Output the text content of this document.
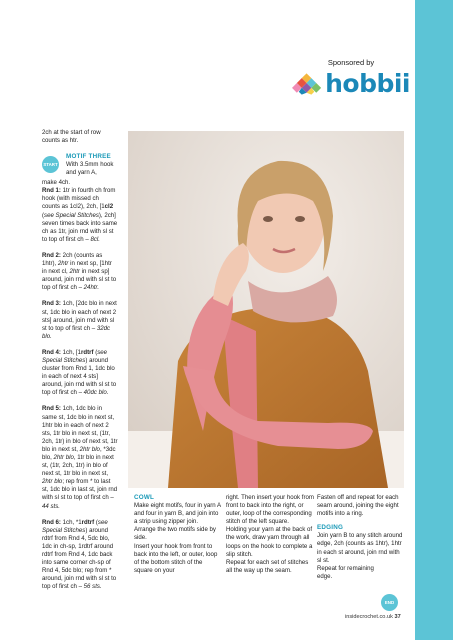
Sponsored by
hobbii

2ch at the start of row counts as htr.

START
MOTIF THREE
With 3.5mm hook and yarn A,
make 4ch.

Rnd 1: 1tr in fourth ch from hook (with missed ch counts as 1cl2), 2ch, [1cl2 (see Special Stitches), 2ch] seven times back into same ch as 1tr, join rnd with sl st to top of first ch – 8cl.

Rnd 2: 2ch (counts as 1htr), 2htr in next sp, [1htr in next cl, 2htr in next sp] around, join rnd with sl st to top of first ch – 24htr.

Rnd 3: 1ch, [2dc blo in next st, 1dc blo in each of next 2 sts] around, join rnd with sl st to top of first ch – 32dc blo.

Rnd 4: 1ch, [1rdtrf (see Special Stitches) around cluster from Rnd 1, 1dc blo in each of next 4 sts] around, join rnd with sl st to top of first ch – 40dc blo.

Rnd 5: 1ch, 1dc blo in same st, 1dc blo in next st, 1htr blo in each of next 2 sts, 1tr blo in next st, (1tr, 2ch, 1tr) in blo of next st, 1tr blo in next st, 2htr blo, *3dc blo, 2htr blo, 1tr blo in next st, (1tr, 2ch, 1tr) in blo of next st, 1tr blo in next st, 2htr blo; rep from * to last st, 1dc blo in last st, join rnd with sl st to top of first ch – 44 sts.

Rnd 6: 1ch, *1rdtrf (see Special Stitches) around rdtrf from Rnd 4, 5dc blo, 1dc in ch-sp, 1rdtrf around rdtrf from Rnd 4, 1dc back into same corner ch-sp of Rnd 4, 5dc blo; rep from * around, join rnd with sl st to top of first ch – 56 sts.

COWL
Make eight motifs, four in yarn A and four in yarn B, and join into a strip using zipper join.
Arrange the two motifs side by side.
Insert your hook from front to back into the left, or outer, loop of the bottom stitch of the square on your
right. Then insert your hook from front to back into the right, or outer, loop of the corresponding stitch of the left square.
Holding your yarn at the back of the work, draw yarn through all loops on the hook to complete a slip stitch.
Repeat for each set of stitches all the way up the seam.
Fasten off and repeat for each seam around, joining the eight motifs into a ring.
EDGING
Join yarn B to any stitch around edge, 2ch (counts as 1htr), 1htr in each st around, join rnd with sl st.
Repeat for remaining edge.
END
insidecrochet.co.uk 37
